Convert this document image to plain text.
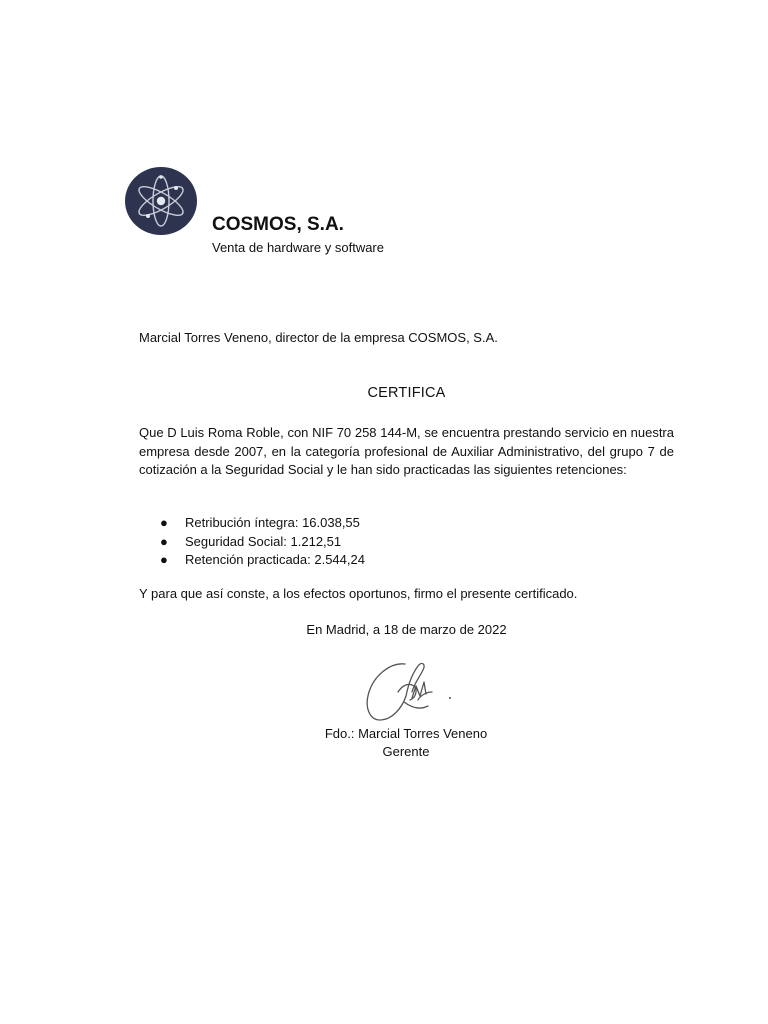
COSMOS, S.A.
Venta de hardware y software
Marcial Torres Veneno, director de la empresa COSMOS, S.A.
CERTIFICA
Que D Luis Roma Roble, con NIF 70 258 144-M, se encuentra prestando servicio en nuestra empresa desde 2007, en la categoría profesional de Auxiliar Administrativo, del grupo 7 de cotización a la Seguridad Social y le han sido practicadas las siguientes retenciones:
● Retribución íntegra: 16.038,55
● Seguridad Social: 1.212,51
● Retención practicada: 2.544,24
Y para que así conste, a los efectos oportunos, firmo el presente certificado.
En Madrid, a 18 de marzo de 2022
Fdo.: Marcial Torres Veneno
Gerente
